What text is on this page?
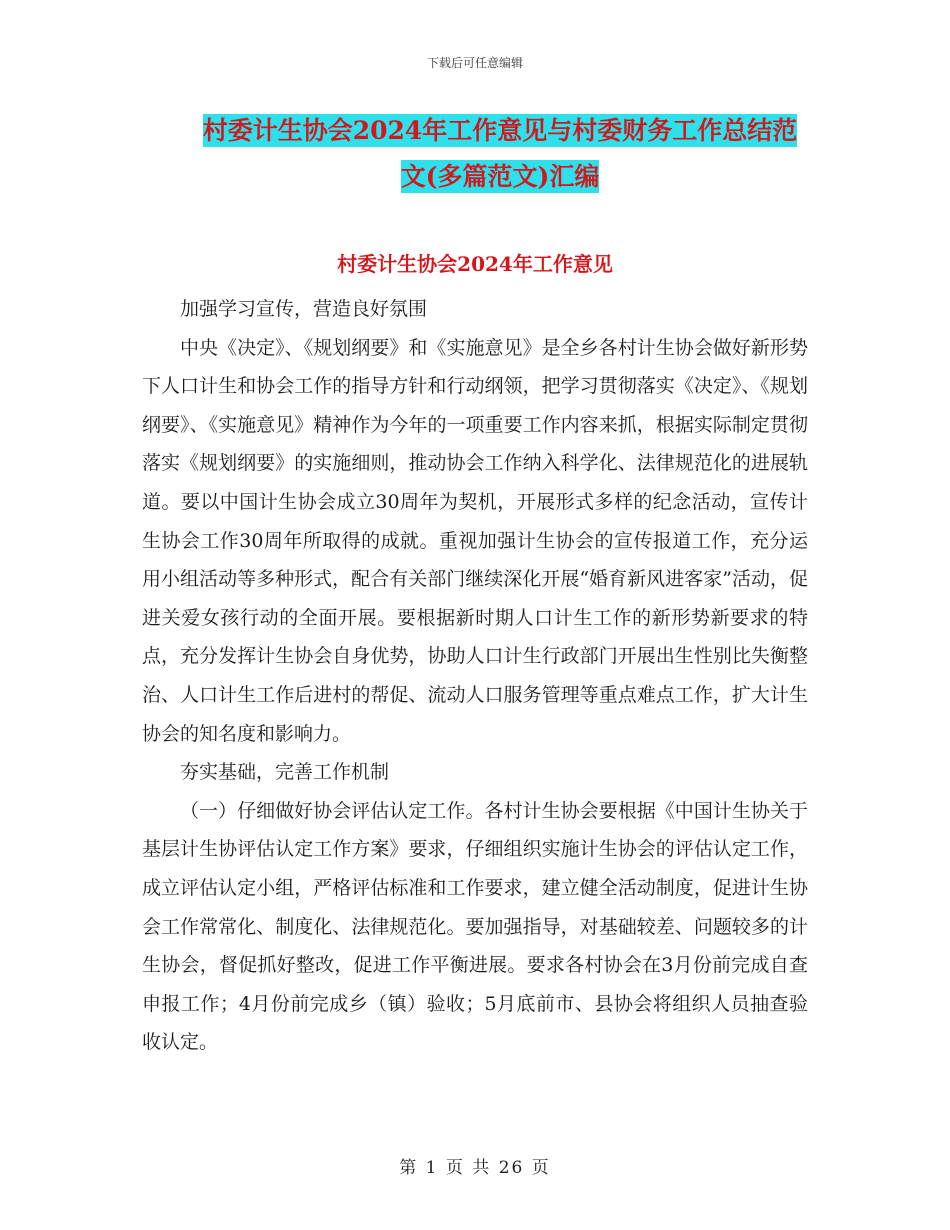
下载后可任意编辑
村委计生协会2024年工作意见与村委财务工作总结范
文(多篇范文)汇编
村委计生协会2024年工作意见

加强学习宣传，营造良好氛围

中央《决定》、《规划纲要》和《实施意见》是全乡各村计生协会做好新形势下人口计生和协会工作的指导方针和行动纲领，把学习贯彻落实《决定》、《规划纲要》、《实施意见》精神作为今年的一项重要工作内容来抓，根据实际制定贯彻落实《规划纲要》的实施细则，推动协会工作纳入科学化、法律规范化的进展轨道。要以中国计生协会成立30周年为契机，开展形式多样的纪念活动，宣传计生协会工作30周年所取得的成就。重视加强计生协会的宣传报道工作，充分运用小组活动等多种形式，配合有关部门继续深化开展“婚育新风进客家”活动，促进关爱女孩行动的全面开展。要根据新时期人口计生工作的新形势新要求的特点，充分发挥计生协会自身优势，协助人口计生行政部门开展出生性别比失衡整治、人口计生工作后进村的帮促、流动人口服务管理等重点难点工作，扩大计生协会的知名度和影响力。

夯实基础，完善工作机制

（一）仔细做好协会评估认定工作。各村计生协会要根据《中国计生协关于基层计生协评估认定工作方案》要求，仔细组织实施计生协会的评估认定工作，成立评估认定小组，严格评估标准和工作要求，建立健全活动制度，促进计生协会工作常常化、制度化、法律规范化。要加强指导，对基础较差、问题较多的计生协会，督促抓好整改，促进工作平衡进展。要求各村协会在3月份前完成自查申报工作；4月份前完成乡（镇）验收；5月底前市、县协会将组织人员抽查验收认定。

第 1 页 共 26 页
